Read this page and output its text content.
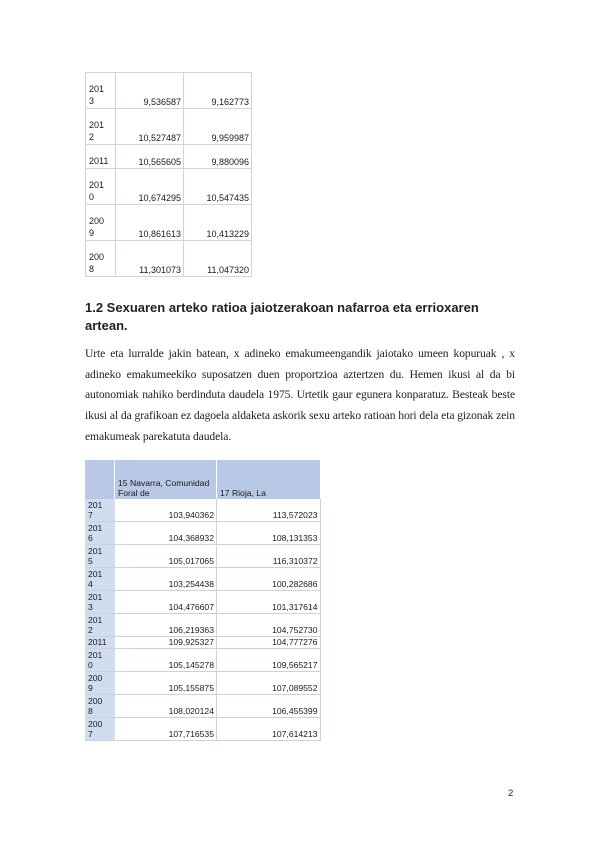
201
3	9,536587	9,162773
201
2	10,527487	9,959987
2011	10,565605	9,880096
201
0	10,674295	10,547435
200
9	10,861613	10,413229
200
8	11,301073	11,047320
1.2 Sexuaren arteko ratioa jaiotzerakoan nafarroa eta errioxaren artean.

Urte eta lurralde jakin batean, x adineko emakumeengandik jaiotako umeen kopuruak , x adineko emakumeekiko suposatzen duen proportzioa aztertzen du. Hemen ikusi al da bi autonomiak nahiko berdinduta daudela 1975. Urtetik gaur egunera konparatuz. Besteak beste ikusi al da grafikoan ez dagoela aldaketa askorik sexu arteko ratioan hori dela eta gizonak zein emakumeak parekatuta daudela.

	15 Navarra, Comunidad Foral de	17 Rioja, La
201
7	103,940362	113,572023
201
6	104,368932	108,131353
201
5	105,017065	116,310372
201
4	103,254438	100,282686
201
3	104,476607	101,317614
201
2	106,219363	104,752730
2011	109,925327	104,777276
201
0	105,145278	109,565217
200
9	105,155875	107,089552
200
8	108,020124	106,455399
200
7	107,716535	107,614213
2
